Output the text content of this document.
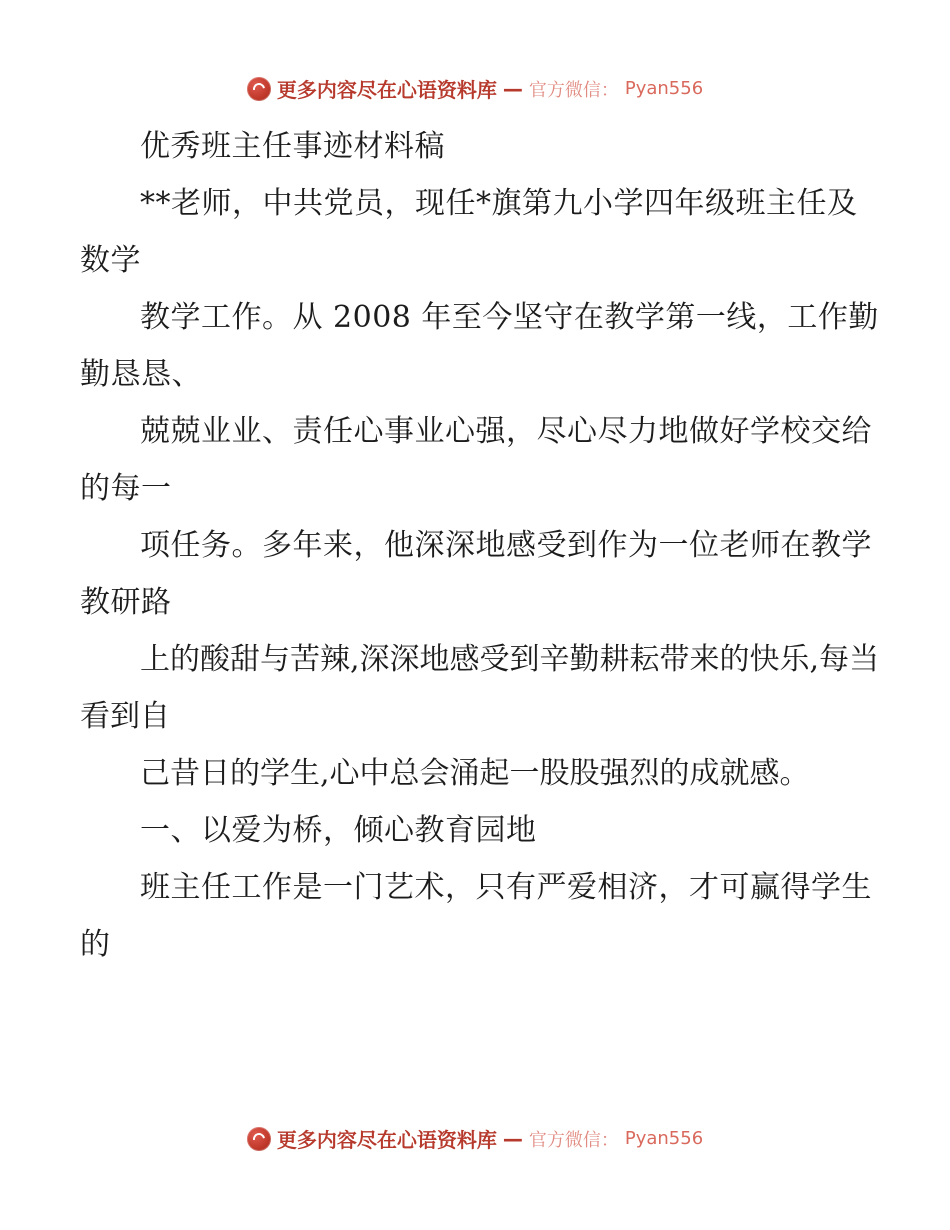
更多内容尽在心语资料库 — 官方微信： Pyan556

优秀班主任事迹材料稿

**老师，中共党员，现任*旗第九小学四年级班主任及数学

教学工作。从 2008 年至今坚守在教学第一线，工作勤勤恳恳、

兢兢业业、责任心事业心强，尽心尽力地做好学校交给的每一

项任务。多年来，他深深地感受到作为一位老师在教学教研路

上的酸甜与苦辣,深深地感受到辛勤耕耘带来的快乐,每当看到自

己昔日的学生,心中总会涌起一股股强烈的成就感。

一、以爱为桥，倾心教育园地

班主任工作是一门艺术，只有严爱相济，才可赢得学生的

更多内容尽在心语资料库 — 官方微信： Pyan556
